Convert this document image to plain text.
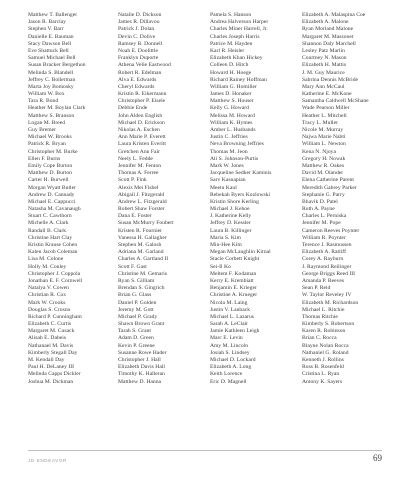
Matthew T. Ballenger
Jason R. Barclay
Stephen V. Barr
Danielle E. Bauman
Stacy Dawson Bell
Eve Shattuck Bell
Samuel Michael Bell
Susan Bracker Bergethon
Melinda S. Blandell
Jeffrey C. Bollerman
Marta Joy Bomosky
William W. Box
Tara R. Bond
Heather M. Boylan Clark
Matthew S. Branson
Logan M. Breed
Guy Bremer
Michael W. Brooks
Patrick R. Bryan
Christopher M. Burke
Ellen F. Burns
Emily Cope Burton
Matthew D. Burton
Carter H. Burwell
Morgan Wyatt Butler
Andrew D. Cannady
Michael E. Cappucci
Natasha M. Cavanaugh
Stuart C. Cawthorn
Michelle A. Clark
Randall B. Clark
Christine Hart Clay
Kristin Krause Cohen
Kalen Jacob Coleman
Lisa M. Colone
Holly M. Conley
Christopher J. Coppola
Jonathan E. F. Cornwell
Natalya V. Cowen
Christian R. Cox
Mark W. Crooks
Douglas S. Crosno
Richard P. Cunningham
Elizabeth C. Curtis
Margaret M. Cusack
Alisab E. Dabeis
Nathanael M. Davis
Kimberly Stegall Day
M. Kendall Day
Paul H. DeLaney III
Melinda Capps Dickler
Joshua M. Dickman
Natalie D. Dickson
James R. Dillavou
Patrick J. Dolan
Devin C. Dolive
Ramsey B. Donnell
Noah E. Doolittle
Franklyn Duporte
Athena Velie Eastwood
Robert R. Edelman
Alva E. Edwards
Cheryl Edwards
Kristin R. Eikermann
Christopher P. Eisele
Debbie Ende
John Alden English
Michael D. Erickson
Nikolas A. Eschen
Ann Marie P. Everett
Laura Kristen Everitt
Gretchen Ann Fair
Neely L. Fedde
Jennifer M. Fenton
Thomas A. Ferree
Scott P. Fink
Alexis Mei Fishel
Abigail J. Fitzgerald
Andrew L. Fitzgerald
Robert Shaw Forster
Dana E. Foster
Susan McMurry Foubert
Kristen R. Fournier
Vanessa H. Gallagher
Stephen M. Galosh
Adriana M. Garland
Charles A. Gartland II
Scott F. Gast
Christine M. Gemaris
Ryan S. Gilliam
Brendan S. Gingrich
Brian G. Glass
Daniel P. Golden
Jeremy M. Gott
Michael P. Grady
Shawn Brown Grant
Tarah S. Grant
Adam D. Green
Kevin P. Greene
Susanne Rowe Hader
Christopher J. Hall
Elizabeth Davis Hall
Timothy K. Halleran
Matthew D. Hanna
Pamela S. Hanson
Andrea Halverson Harper
Charles Miner Harrell, Jr.
Charles Joseph Harris
Patrice M. Hayden
Karl R. Heisler
Elizabeth Khan Hickey
Colleen D. Hitch
Howard H. Hoege
Richard Rainey Hoffman
William G. Homiller
James D. Honaker
Matthew S. Houser
Kelly G. Howard
Melissa M. Howard
William K. Hymes
Amber L. Husbands
Justin C. Jeffries
Neva Browning Jeffries
Thomas M. Jeon
Ali S. Johnson-Purtis
Mark W. Jones
Jacqueline Sedker Kaminis
Sarv Kasnapian
Meetu Kaul
Rebekah Byers Kozlowski
Kristin Shore Kerling
Michael J. Kehoe
J. Katherine Kelly
Jeffrey D. Kessler
Laura B. Killinger
Maria S. Kim
Min-Hee Kim
Megan McLaughlin Kirnal
Stacie Corbett Knight
Sei-Il Ko
Meltem F. Kodaman
Kerry E. Krembiatt
Benjamin E. Krieger
Christine A. Krueger
Nicola M. Laing
Justin V. Lauback
Michael L. Lazarus
Sarah A. LeClair
Jamie Kathleen Leigh
Marc E. Levin
Amy M. Lincoln
Josiah S. Lindsey
Michael D. Lockard
Elizabeth A. Long
Keith Lorence
Eric D. Magnell
Elizabeth A. Malaspina Coe
Elizabeth A. Malone
Ryan Morland Malone
Margaret M. Massonet
Shannon Daly Marchell
Lesley Patz Marlin
Courtney N. Mason
Elizabeth H. Mattis
J. M. Guy Maurice
Sabrina Dennis McBride
Mary Ann McCaul
Katherine E. McKone
Samantha Caldwell McShane
Wade Pearson Miller
Heather L. Mitchell
Tracy L. Muller
Nicole M. Murray
Najwa Marie Nabti
William L. Newton
Kena N. Njoya
Gregory H. Nowak
Matthew R. Oakes
David M. Olander
Elena Catherine Parent
Meredith Gabrey Parker
Stephanie G. Parry
Bhavik D. Patel
Ruth A. Payne
Charles L. Perniska
Jennifer M. Pope
Cameron Reeves Poynter
William R. Poynter
Terence J. Rasmussen
Elizabeth A. Ratliff
Corey A. Rayburn
J. Raymond Reilinger
George Briggs Reed III
Amanda P. Reeves
Sean P. Reid
W. Taylor Reveley IV
Elizabeth M. Richardson
Michael L. Ritchie
Thomas Ritchie
Kimberly S. Robertson
Karen R. Robinson
Brian C. Rocca
Blayne Nolan Rocca
Nathaniel G. Roland
Kenneth J. Rollins
Ross B. Rosenfeld
Cristina L. Ryan
Antony K. Sayers
JD ENDEAVOR	69
